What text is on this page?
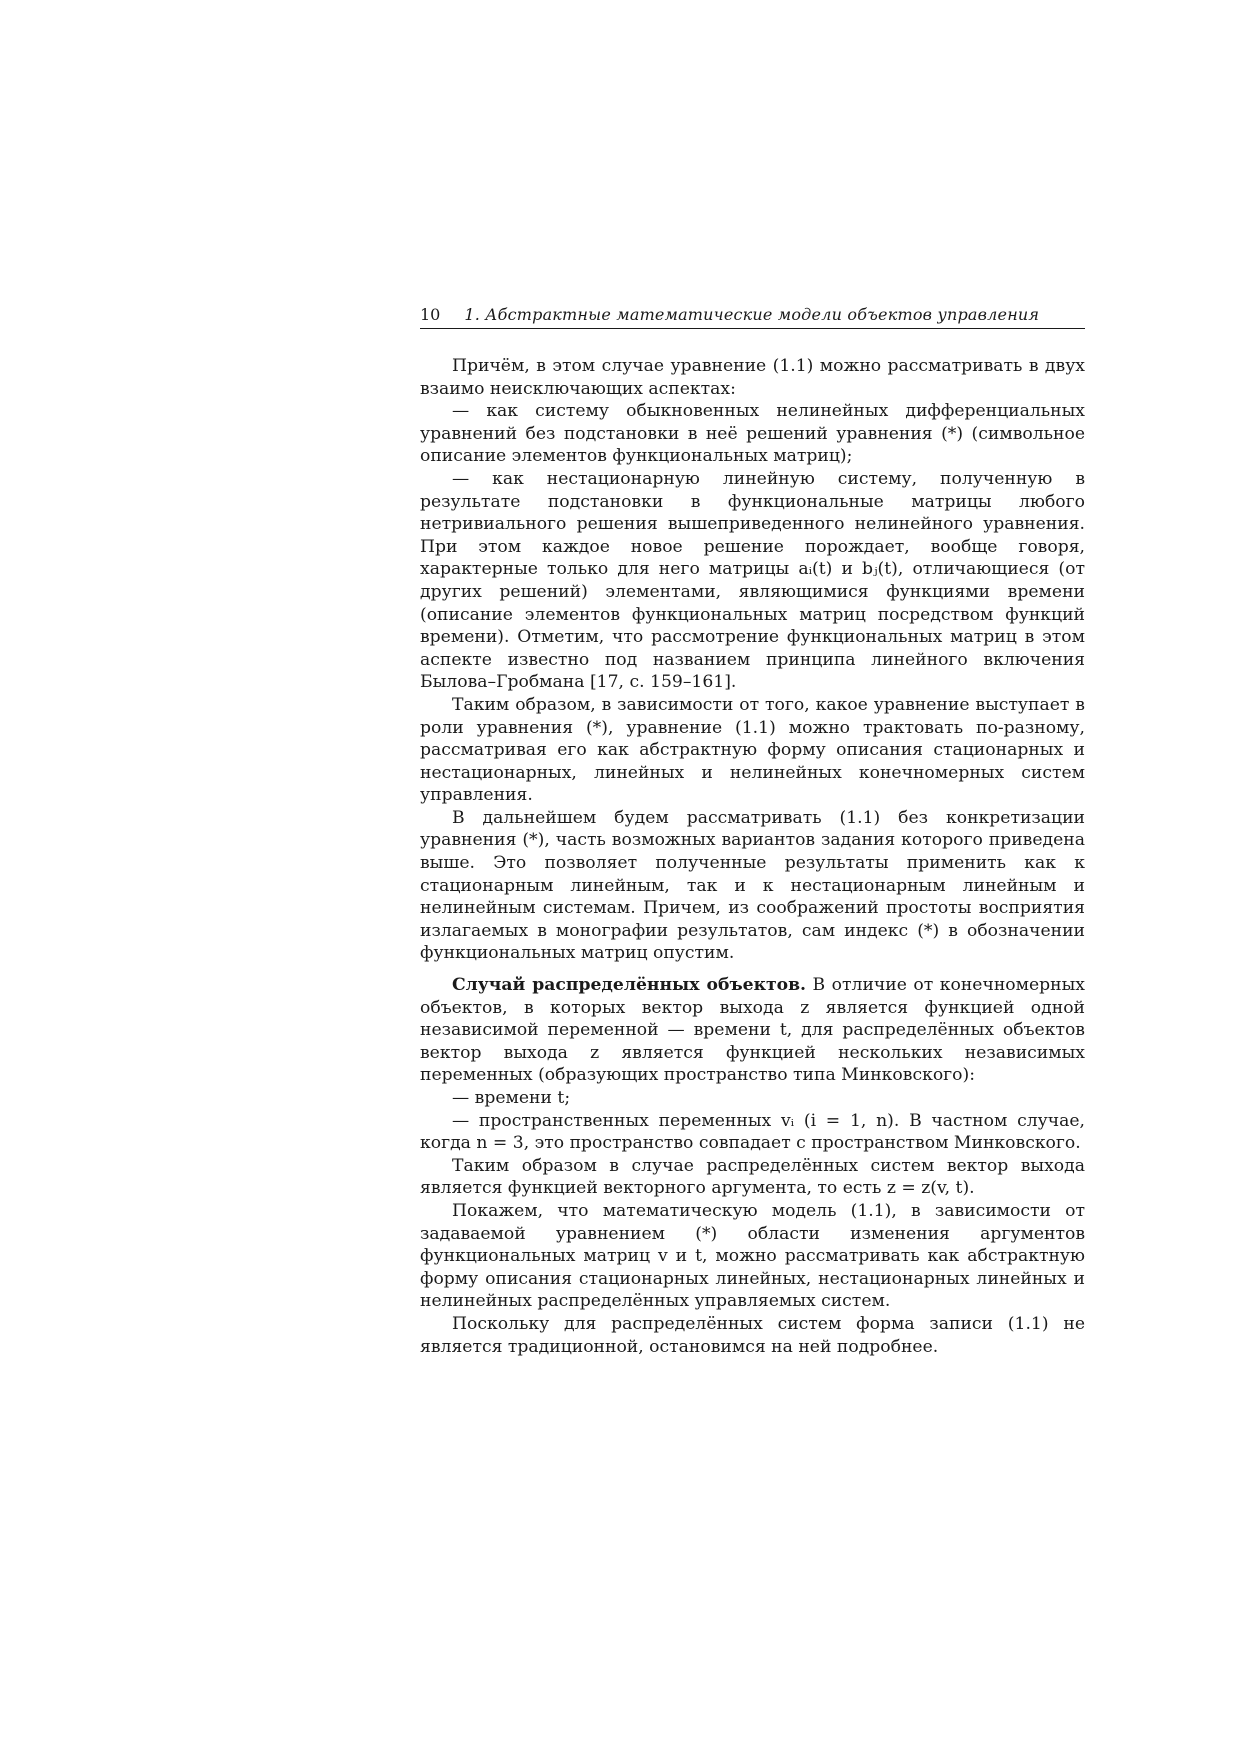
10 1. Абстрактные математические модели объектов управления

Причём, в этом случае уравнение (1.1) можно рассматривать в двух взаимо неисключающих аспектах:

— как систему обыкновенных нелинейных дифференциальных уравнений без подстановки в неё решений уравнения (*) (символьное описание элементов функциональных матриц);

— как нестационарную линейную систему, полученную в результате подстановки в функциональные матрицы любого нетривиального решения вышеприведенного нелинейного уравнения. При этом каждое новое решение порождает, вообще говоря, характерные только для него матрицы aᵢ(t) и bⱼ(t), отличающиеся (от других решений) элементами, являющимися функциями времени (описание элементов функциональных матриц посредством функций времени). Отметим, что рассмотрение функциональных матриц в этом аспекте известно под названием принципа линейного включения Былова–Гробмана [17, с. 159–161].

Таким образом, в зависимости от того, какое уравнение выступает в роли уравнения (*), уравнение (1.1) можно трактовать по-разному, рассматривая его как абстрактную форму описания стационарных и нестационарных, линейных и нелинейных конечномерных систем управления.

В дальнейшем будем рассматривать (1.1) без конкретизации уравнения (*), часть возможных вариантов задания которого приведена выше. Это позволяет полученные результаты применить как к стационарным линейным, так и к нестационарным линейным и нелинейным системам. Причем, из соображений простоты восприятия излагаемых в монографии результатов, сам индекс (*) в обозначении функциональных матриц опустим.

Случай распределённых объектов. В отличие от конечномерных объектов, в которых вектор выхода z является функцией одной независимой переменной — времени t, для распределённых объектов вектор выхода z является функцией нескольких независимых переменных (образующих пространство типа Минковского):

— времени t;

— пространственных переменных vᵢ (i = 1, n). В частном случае, когда n = 3, это пространство совпадает с пространством Минковского.

Таким образом в случае распределённых систем вектор выхода является функцией векторного аргумента, то есть z = z(v, t).

Покажем, что математическую модель (1.1), в зависимости от задаваемой уравнением (*) области изменения аргументов функциональных матриц v и t, можно рассматривать как абстрактную форму описания стационарных линейных, нестационарных линейных и нелинейных распределённых управляемых систем.

Поскольку для распределённых систем форма записи (1.1) не является традиционной, остановимся на ней подробнее.
